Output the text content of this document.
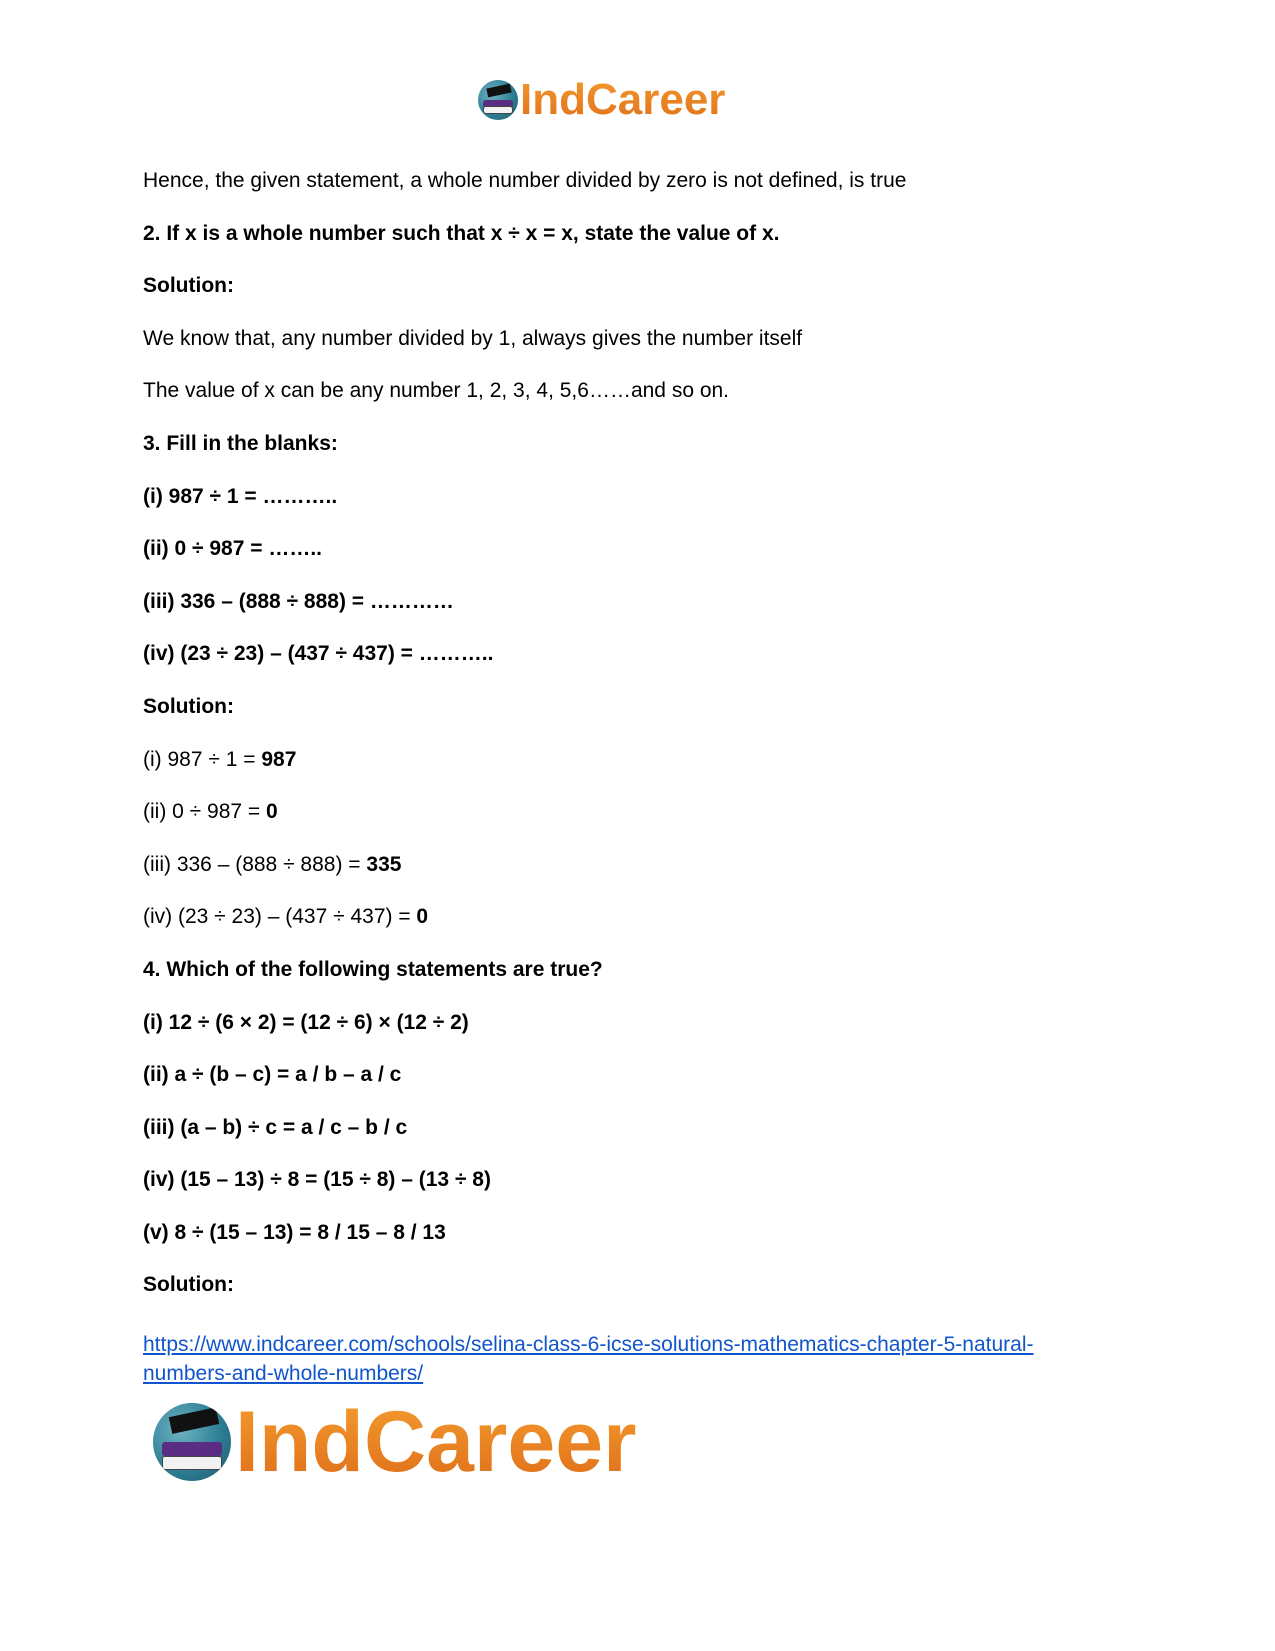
IndCareer
Hence, the given statement, a whole number divided by zero is not defined, is true
2. If x is a whole number such that x ÷ x = x, state the value of x.
Solution:
We know that, any number divided by 1, always gives the number itself
The value of x can be any number 1, 2, 3, 4, 5,6……and so on.
3. Fill in the blanks:
(i) 987 ÷ 1 = ………..
(ii) 0 ÷ 987 = ……..
(iii) 336 – (888 ÷ 888) = …………
(iv) (23 ÷ 23) – (437 ÷ 437) = ………..
Solution:
(i) 987 ÷ 1 = 987
(ii) 0 ÷ 987 = 0
(iii) 336 – (888 ÷ 888) = 335
(iv) (23 ÷ 23) – (437 ÷ 437) = 0
4. Which of the following statements are true?
(i) 12 ÷ (6 × 2) = (12 ÷ 6) × (12 ÷ 2)
(ii) a ÷ (b – c) = a / b – a / c
(iii) (a – b) ÷ c = a / c – b / c
(iv) (15 – 13) ÷ 8 = (15 ÷ 8) – (13 ÷ 8)
(v) 8 ÷ (15 – 13) = 8 / 15 – 8 / 13
Solution:
https://www.indcareer.com/schools/selina-class-6-icse-solutions-mathematics-chapter-5-natural-
numbers-and-whole-numbers/
IndCareer
